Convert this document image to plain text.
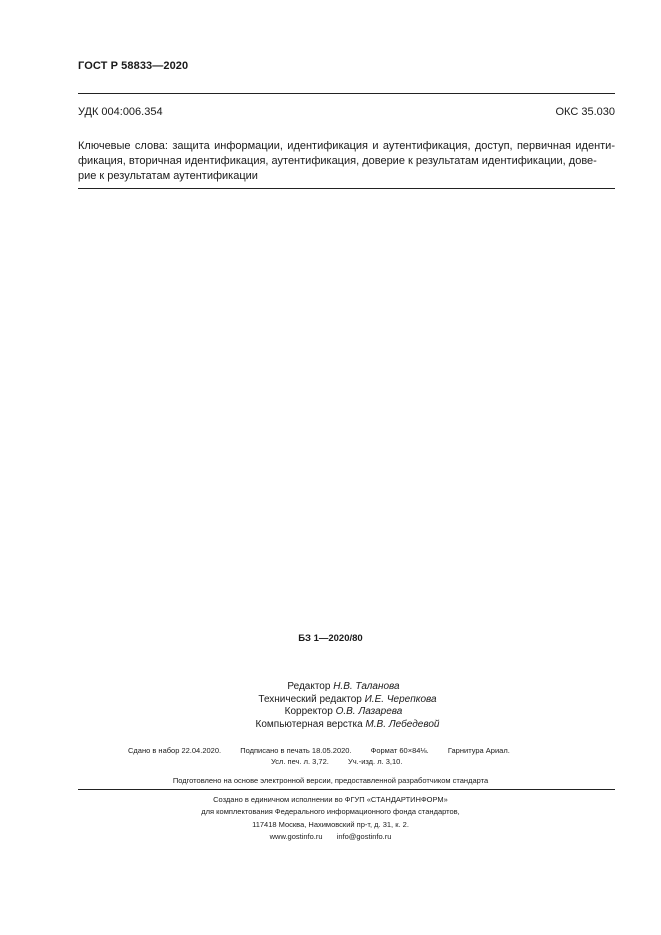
ГОСТ Р 58833—2020
УДК 004:006.354	ОКС 35.030
Ключевые слова: защита информации, идентификация и аутентификация, доступ, первичная иденти-
фикация, вторичная идентификация, аутентификация, доверие к результатам идентификации, дове-
рие к результатам аутентификации
БЗ 1—2020/80
Редактор Н.В. Таланова
Технический редактор И.Е. Черепкова
Корректор О.В. Лазарева
Компьютерная верстка М.В. Лебедевой
Сдано в набор 22.04.2020.	Подписано в печать 18.05.2020.	Формат 60×84⅛.	Гарнитура Ариал.
Усл. печ. л. 3,72.	Уч.-изд. л. 3,10.
Подготовлено на основе электронной версии, предоставленной разработчиком стандарта
Создано в единичном исполнении во ФГУП «СТАНДАРТИНФОРМ»
для комплектования Федерального информационного фонда стандартов,
117418 Москва, Нахимовский пр-т, д. 31, к. 2.
www.gostinfo.ru info@gostinfo.ru
